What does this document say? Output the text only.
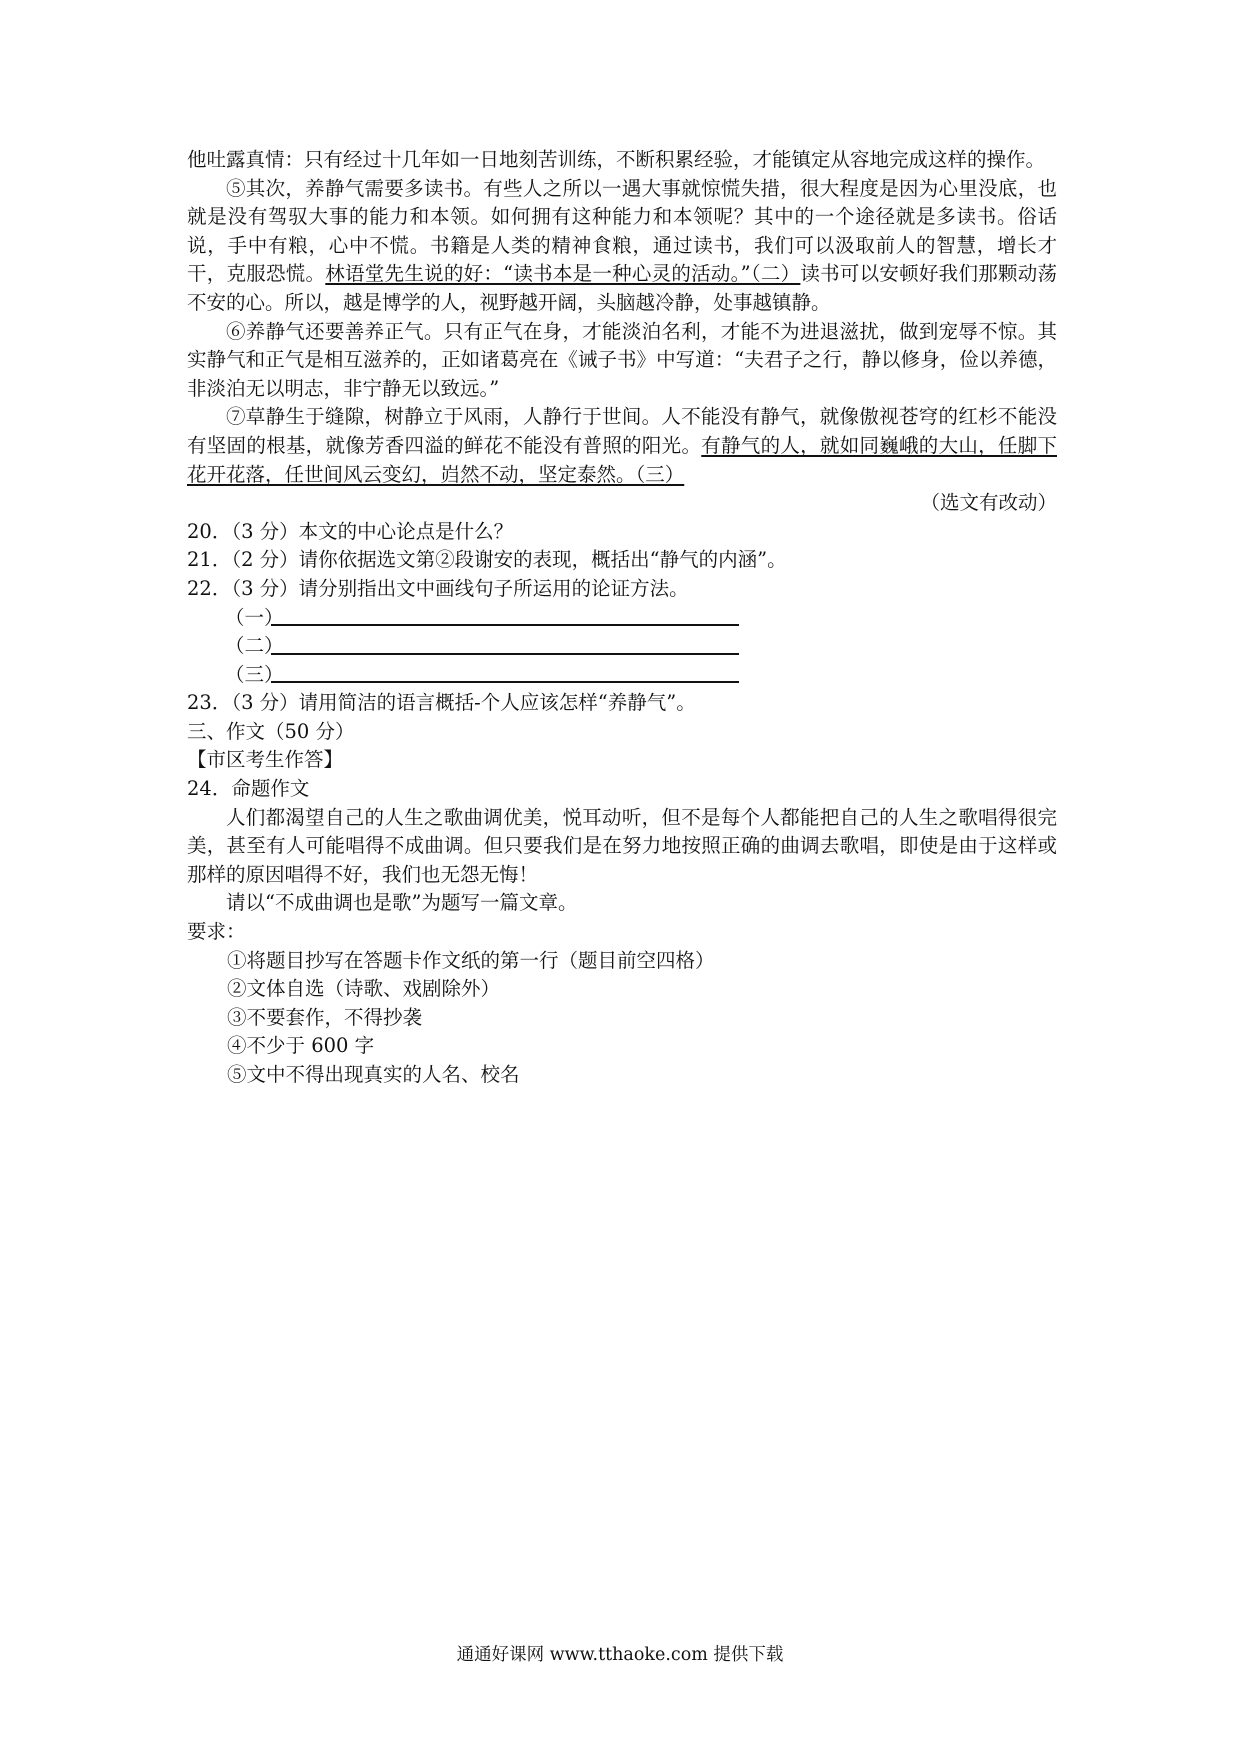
他吐露真情：只有经过十几年如一日地刻苦训练，不断积累经验，才能镇定从容地完成这样的操作。

⑤其次，养静气需要多读书。有些人之所以一遇大事就惊慌失措，很大程度是因为心里没底，也就是没有驾驭大事的能力和本领。如何拥有这种能力和本领呢？其中的一个途径就是多读书。俗话说，手中有粮，心中不慌。书籍是人类的精神食粮，通过读书，我们可以汲取前人的智慧，增长才干，克服恐慌。林语堂先生说的好：“读书本是一种心灵的活动。”（二）读书可以安顿好我们那颗动荡不安的心。所以，越是博学的人，视野越开阔，头脑越冷静，处事越镇静。

⑥养静气还要善养正气。只有正气在身，才能淡泊名利，才能不为进退滋扰，做到宠辱不惊。其实静气和正气是相互滋养的，正如诸葛亮在《诫子书》中写道：“夫君子之行，静以修身，俭以养德，非淡泊无以明志，非宁静无以致远。”

⑦草静生于缝隙，树静立于风雨，人静行于世间。人不能没有静气，就像傲视苍穹的红杉不能没有坚固的根基，就像芳香四溢的鲜花不能没有普照的阳光。有静气的人，就如同巍峨的大山，任脚下花开花落，任世间风云变幻，岿然不动，坚定泰然。（三）

（选文有改动）

20．（3 分）本文的中心论点是什么？

21．（2 分）请你依据选文第②段谢安的表现，概括出“静气的内涵”。

22．（3 分）请分别指出文中画线句子所运用的论证方法。

（一）
（二）
（三）

23．（3 分）请用简洁的语言概括-个人应该怎样“养静气”。

三、作文（50 分）

【市区考生作答】

24．命题作文

人们都渴望自己的人生之歌曲调优美，悦耳动听，但不是每个人都能把自己的人生之歌唱得很完美，甚至有人可能唱得不成曲调。但只要我们是在努力地按照正确的曲调去歌唱，即使是由于这样或那样的原因唱得不好，我们也无怨无悔！

请以“不成曲调也是歌”为题写一篇文章。

要求：

①将题目抄写在答题卡作文纸的第一行（题目前空四格）

②文体自选（诗歌、戏剧除外）

③不要套作，不得抄袭

④不少于 600 字

⑤文中不得出现真实的人名、校名

通通好课网 www.tthaoke.com 提供下载
